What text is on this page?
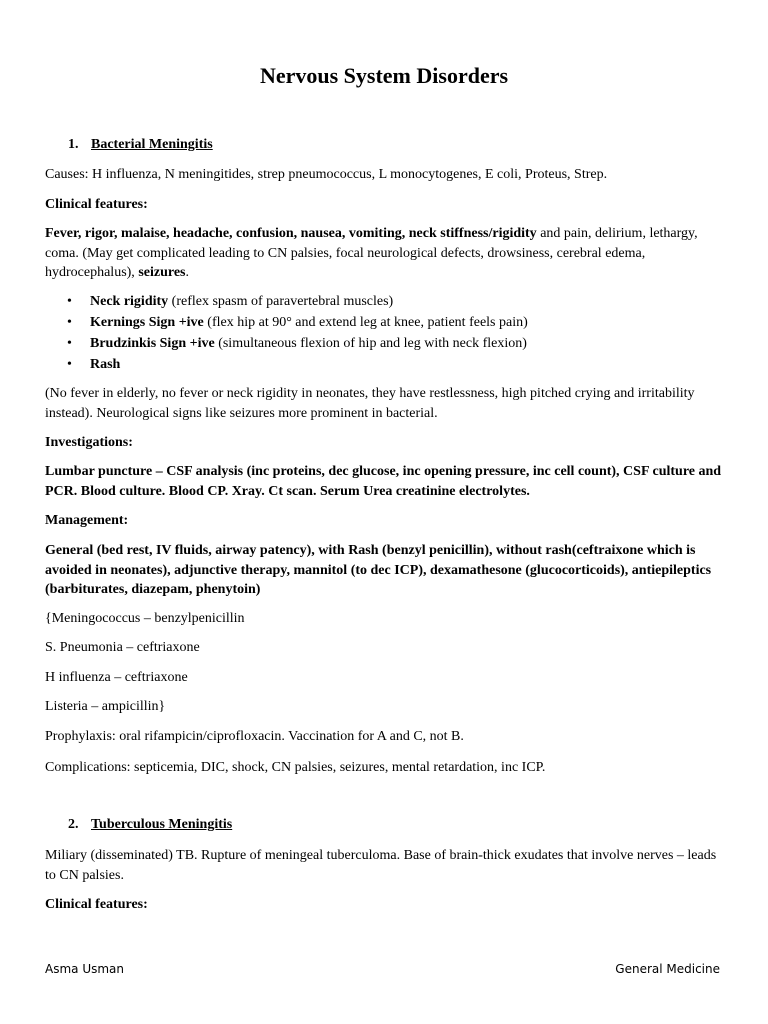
Nervous System Disorders
1. Bacterial Meningitis

Causes: H influenza, N meningitides, strep pneumococcus, L monocytogenes, E coli, Proteus, Strep.

Clinical features:

Fever, rigor, malaise, headache, confusion, nausea, vomiting, neck stiffness/rigidity and pain, delirium, lethargy, coma. (May get complicated leading to CN palsies, focal neurological defects, drowsiness, cerebral edema, hydrocephalus), seizures.

• Neck rigidity (reflex spasm of paravertebral muscles)
• Kernings Sign +ive (flex hip at 90° and extend leg at knee, patient feels pain)
• Brudzinkis Sign +ive (simultaneous flexion of hip and leg with neck flexion)
• Rash

(No fever in elderly, no fever or neck rigidity in neonates, they have restlessness, high pitched crying and irritability instead). Neurological signs like seizures more prominent in bacterial.

Investigations:

Lumbar puncture – CSF analysis (inc proteins, dec glucose, inc opening pressure, inc cell count), CSF culture and PCR. Blood culture. Blood CP. Xray. Ct scan. Serum Urea creatinine electrolytes.

Management:

General (bed rest, IV fluids, airway patency), with Rash (benzyl penicillin), without rash(ceftraixone which is avoided in neonates), adjunctive therapy, mannitol (to dec ICP), dexamathesone (glucocorticoids), antiepileptics (barbiturates, diazepam, phenytoin)

{Meningococcus – benzylpenicillin

S. Pneumonia – ceftriaxone

H influenza – ceftriaxone

Listeria – ampicillin}

Prophylaxis: oral rifampicin/ciprofloxacin. Vaccination for A and C, not B.

Complications: septicemia, DIC, shock, CN palsies, seizures, mental retardation, inc ICP.

2. Tuberculous Meningitis

Miliary (disseminated) TB. Rupture of meningeal tuberculoma. Base of brain-thick exudates that involve nerves – leads to CN palsies.

Clinical features:

Asma Usman	General Medicine
